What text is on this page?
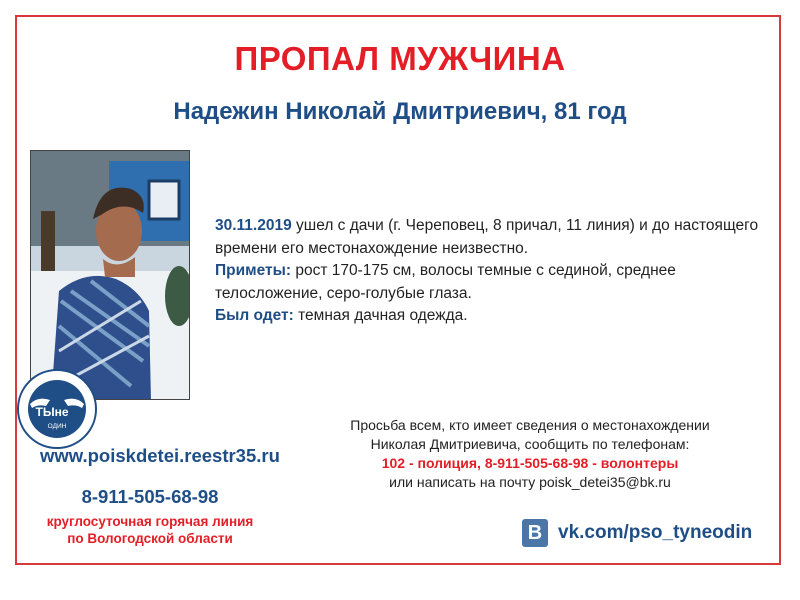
ПРОПАЛ МУЖЧИНА
Надежин Николай Дмитриевич, 81 год
ТЫне
ОДИН
30.11.2019 ушел с дачи (г. Череповец, 8 причал, 11 линия) и до настоящего времени его местонахождение неизвестно.
Приметы: рост 170-175 см, волосы темные с сединой, среднее телосложение, серо-голубые глаза.
Был одет: темная дачная одежда.
Просьба всем, кто имеет сведения о местонахождении
Николая Дмитриевича, сообщить по телефонам:
102 - полиция, 8-911-505-68-98 - волонтеры
или написать на почту poisk_detei35@bk.ru
www.poiskdetei.reestr35.ru
8-911-505-68-98
круглосуточная горячая линия
по Вологодской области	B vk.com/pso_tyneodin
